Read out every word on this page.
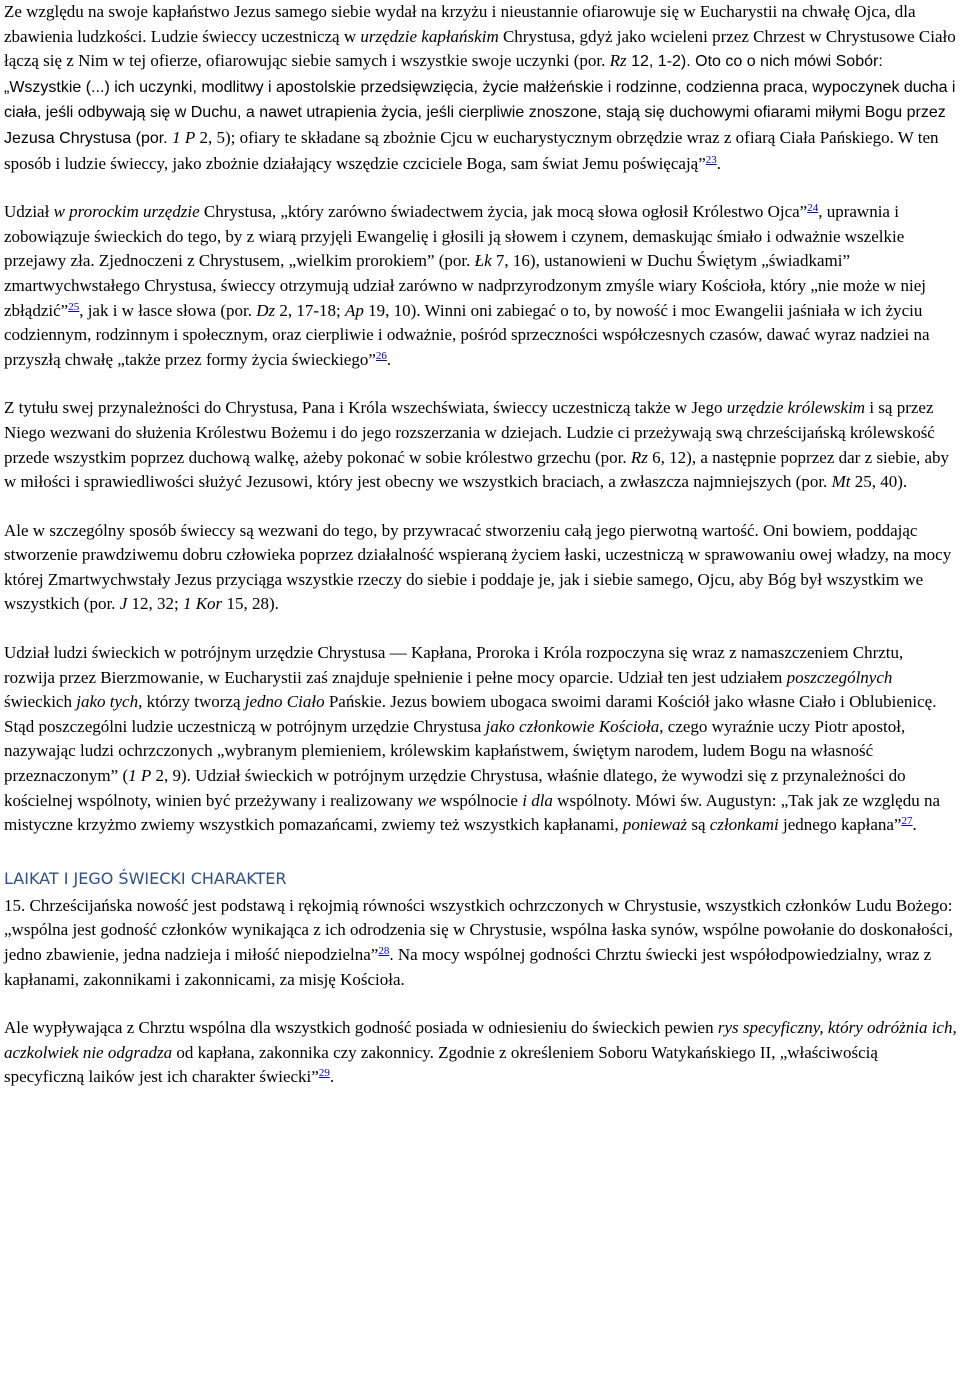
Ze względu na swoje kapłaństwo Jezus samego siebie wydał na krzyżu i nieustannie ofiarowuje się w Eucharystii na chwałę Ojca, dla zbawienia ludzkości. Ludzie świeccy uczestniczą w urzędzie kapłańskim Chrystusa, gdyż jako wcieleni przez Chrzest w Chrystusowe Ciało łączą się z Nim w tej ofierze, ofiarowując siebie samych i wszystkie swoje uczynki (por. Rz 12, 1-2). Oto co o nich mówi Sobór: „Wszystkie (...) ich uczynki, modlitwy i apostolskie przedsięwzięcia, życie małżeńskie i rodzinne, codzienna praca, wypoczynek ducha i ciała, jeśli odbywają się w Duchu, a nawet utrapienia życia, jeśli cierpliwie znoszone, stają się duchowymi ofiarami miłymi Bogu przez Jezusa Chrystusa (por. 1 P 2, 5); ofiary te składane są zbożnie Cjcu w eucharystycznym obrzędzie wraz z ofiarą Ciała Pańskiego. W ten sposób i ludzie świeccy, jako zbożnie działający wszędzie czciciele Boga, sam świat Jemu poświęcają”$^{23}$.

Udział w prorockim urzędzie Chrystusa, „który zarówno świadectwem życia, jak mocą słowa ogłosił Królestwo Ojca”$^{24}$, uprawnia i zobowiązuje świeckich do tego, by z wiarą przyjęli Ewangelię i głosili ją słowem i czynem, demaskując śmiało i odważnie wszelkie przejawy zła. Zjednoczeni z Chrystusem, „wielkim prorokiem” (por. Łk 7, 16), ustanowieni w Duchu Świętym „świadkami” zmartwychwstałego Chrystusa, świeccy otrzymują udział zarówno w nadprzyrodzonym zmyśle wiary Kościoła, który „nie może w niej zbłądzić”$^{25}$, jak i w łasce słowa (por. Dz 2, 17-18; Ap 19, 10). Winni oni zabiegać o to, by nowość i moc Ewangelii jaśniała w ich życiu codziennym, rodzinnym i społecznym, oraz cierpliwie i odważnie, pośród sprzeczności współczesnych czasów, dawać wyraz nadziei na przyszłą chwałę „także przez formy życia świeckiego”$^{26}$.

Z tytułu swej przynależności do Chrystusa, Pana i Króla wszechświata, świeccy uczestniczą także w Jego urzędzie królewskim i są przez Niego wezwani do służenia Królestwu Bożemu i do jego rozszerzania w dziejach. Ludzie ci przeżywają swą chrześcijańską królewskość przede wszystkim poprzez duchową walkę, ażeby pokonać w sobie królestwo grzechu (por. Rz 6, 12), a następnie poprzez dar z siebie, aby w miłości i sprawiedliwości służyć Jezusowi, który jest obecny we wszystkich braciach, a zwłaszcza najmniejszych (por. Mt 25, 40).

Ale w szczególny sposób świeccy są wezwani do tego, by przywracać stworzeniu całą jego pierwotną wartość. Oni bowiem, poddając stworzenie prawdziwemu dobru człowieka poprzez działalność wspieraną życiem łaski, uczestniczą w sprawowaniu owej władzy, na mocy której Zmartwychwstały Jezus przyciąga wszystkie rzeczy do siebie i poddaje je, jak i siebie samego, Ojcu, aby Bóg był wszystkim we wszystkich (por. J 12, 32; 1 Kor 15, 28).

Udział ludzi świeckich w potrójnym urzędzie Chrystusa — Kapłana, Proroka i Króla rozpoczyna się wraz z namaszczeniem Chrztu, rozwija przez Bierzmowanie, w Eucharystii zaś znajduje spełnienie i pełne mocy oparcie. Udział ten jest udziałem poszczególnych świeckich jako tych, którzy tworzą jedno Ciało Pańskie. Jezus bowiem ubogaca swoimi darami Kościół jako własne Ciało i Oblubienicę. Stąd poszczególni ludzie uczestniczą w potrójnym urzędzie Chrystusa jako członkowie Kościoła, czego wyraźnie uczy Piotr apostoł, nazywając ludzi ochrzczonych „wybranym plemieniem, królewskim kapłaństwem, świętym narodem, ludem Bogu na własność przeznaczonym” (1 P 2, 9). Udział świeckich w potrójnym urzędzie Chrystusa, właśnie dlatego, że wywodzi się z przynależności do kościelnej wspólnoty, winien być przeżywany i realizowany we wspólnocie i dla wspólnoty. Mówi św. Augustyn: „Tak jak ze względu na mistyczne krzyżmo zwiemy wszystkich pomazańcami, zwiemy też wszystkich kapłanami, ponieważ są członkami jednego kapłana”$^{27}$.

LAIKAT I JEGO ŚWIECKI CHARAKTER

15. Chrześcijańska nowość jest podstawą i rękojmią równości wszystkich ochrzczonych w Chrystusie, wszystkich członków Ludu Bożego: „wspólna jest godność członków wynikająca z ich odrodzenia się w Chrystusie, wspólna łaska synów, wspólne powołanie do doskonałości, jedno zbawienie, jedna nadzieja i miłość niepodzielna”$^{28}$. Na mocy wspólnej godności Chrztu świecki jest współodpowiedzialny, wraz z kapłanami, zakonnikami i zakonnicami, za misję Kościoła.

Ale wypływająca z Chrztu wspólna dla wszystkich godność posiada w odniesieniu do świeckich pewien rys specyficzny, który odróżnia ich, aczkolwiek nie odgradza od kapłana, zakonnika czy zakonnicy. Zgodnie z określeniem Soboru Watykańskiego II, „właściwością specyficzną laików jest ich charakter świecki”$^{29}$.
